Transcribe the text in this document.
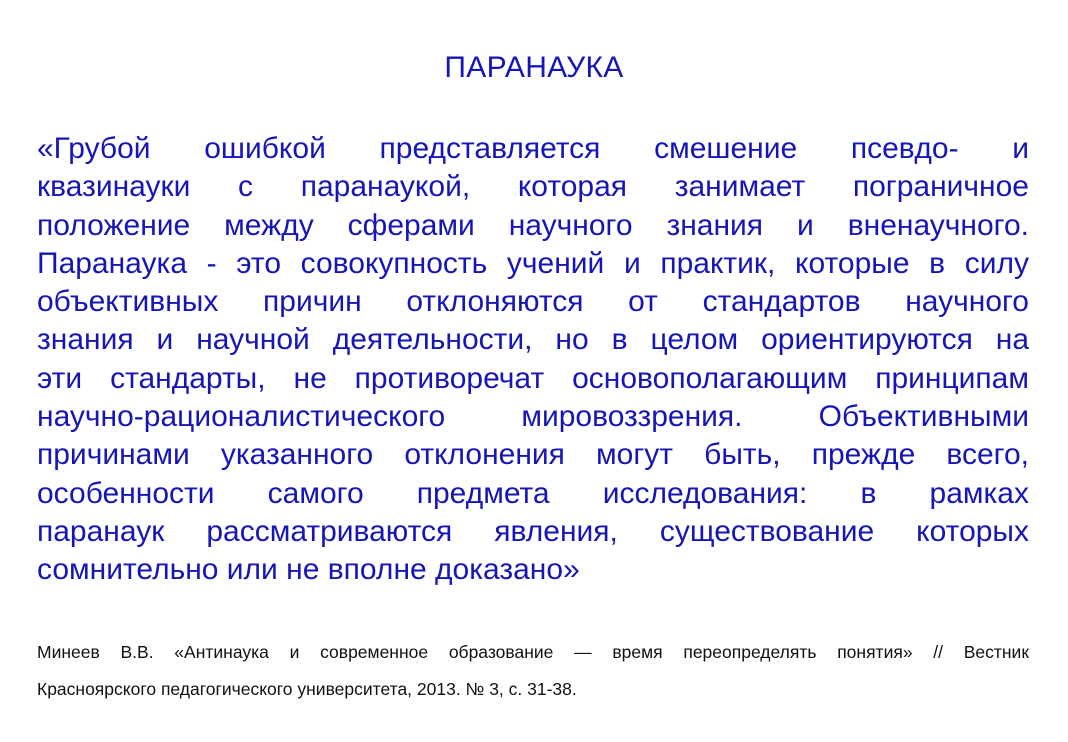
ПАРАНАУКА
«Грубой ошибкой представляется смешение псевдо- и
квазинауки с паранаукой, которая занимает пограничное
положение между сферами научного знания и вненаучного.
Паранаука - это совокупность учений и практик, которые в силу
объективных причин отклоняются от стандартов научного
знания и научной деятельности, но в целом ориентируются на
эти стандарты, не противоречат основополагающим принципам
научно-рационалистического мировоззрения. Объективными
причинами указанного отклонения могут быть, прежде всего,
особенности самого предмета исследования: в рамках
паранаук рассматриваются явления, существование которых
сомнительно или не вполне доказано»
Минеев В.В. «Антинаука и современное образование — время переопределять понятия» // Вестник
Красноярского педагогического университета, 2013. № 3, с. 31-38.
